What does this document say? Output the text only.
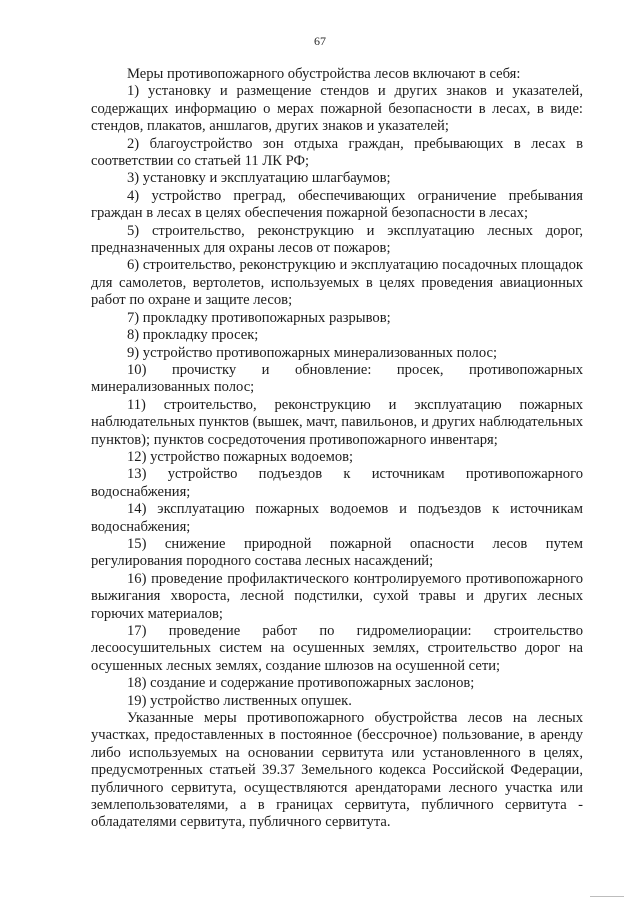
67

Меры противопожарного обустройства лесов включают в себя:

1) установку и размещение стендов и других знаков и указателей, содержащих информацию о мерах пожарной безопасности в лесах, в виде: стендов, плакатов, аншлагов, других знаков и указателей;

2) благоустройство зон отдыха граждан, пребывающих в лесах в соответствии со статьей 11 ЛК РФ;

3) установку и эксплуатацию шлагбаумов;

4) устройство преград, обеспечивающих ограничение пребывания граждан в лесах в целях обеспечения пожарной безопасности в лесах;

5) строительство, реконструкцию и эксплуатацию лесных дорог, предназначенных для охраны лесов от пожаров;

6) строительство, реконструкцию и эксплуатацию посадочных площадок для самолетов, вертолетов, используемых в целях проведения авиационных работ по охране и защите лесов;

7) прокладку противопожарных разрывов;

8) прокладку просек;

9) устройство противопожарных минерализованных полос;

10) прочистку и обновление: просек, противопожарных минерализованных полос;

11) строительство, реконструкцию и эксплуатацию пожарных наблюдательных пунктов (вышек, мачт, павильонов, и других наблюдательных пунктов); пунктов сосредоточения противопожарного инвентаря;

12) устройство пожарных водоемов;

13) устройство подъездов к источникам противопожарного водоснабжения;

14) эксплуатацию пожарных водоемов и подъездов к источникам водоснабжения;

15) снижение природной пожарной опасности лесов путем регулирования породного состава лесных насаждений;

16) проведение профилактического контролируемого противопожарного выжигания хвороста, лесной подстилки, сухой травы и других лесных горючих материалов;

17) проведение работ по гидромелиорации: строительство лесоосушительных систем на осушенных землях, строительство дорог на осушенных лесных землях, создание шлюзов на осушенной сети;

18) создание и содержание противопожарных заслонов;

19) устройство лиственных опушек.

Указанные меры противопожарного обустройства лесов на лесных участках, предоставленных в постоянное (бессрочное) пользование, в аренду либо используемых на основании сервитута или установленного в целях, предусмотренных статьей 39.37 Земельного кодекса Российской Федерации, публичного сервитута, осуществляются арендаторами лесного участка или землепользователями, а в границах сервитута, публичного сервитута - обладателями сервитута, публичного сервитута.
